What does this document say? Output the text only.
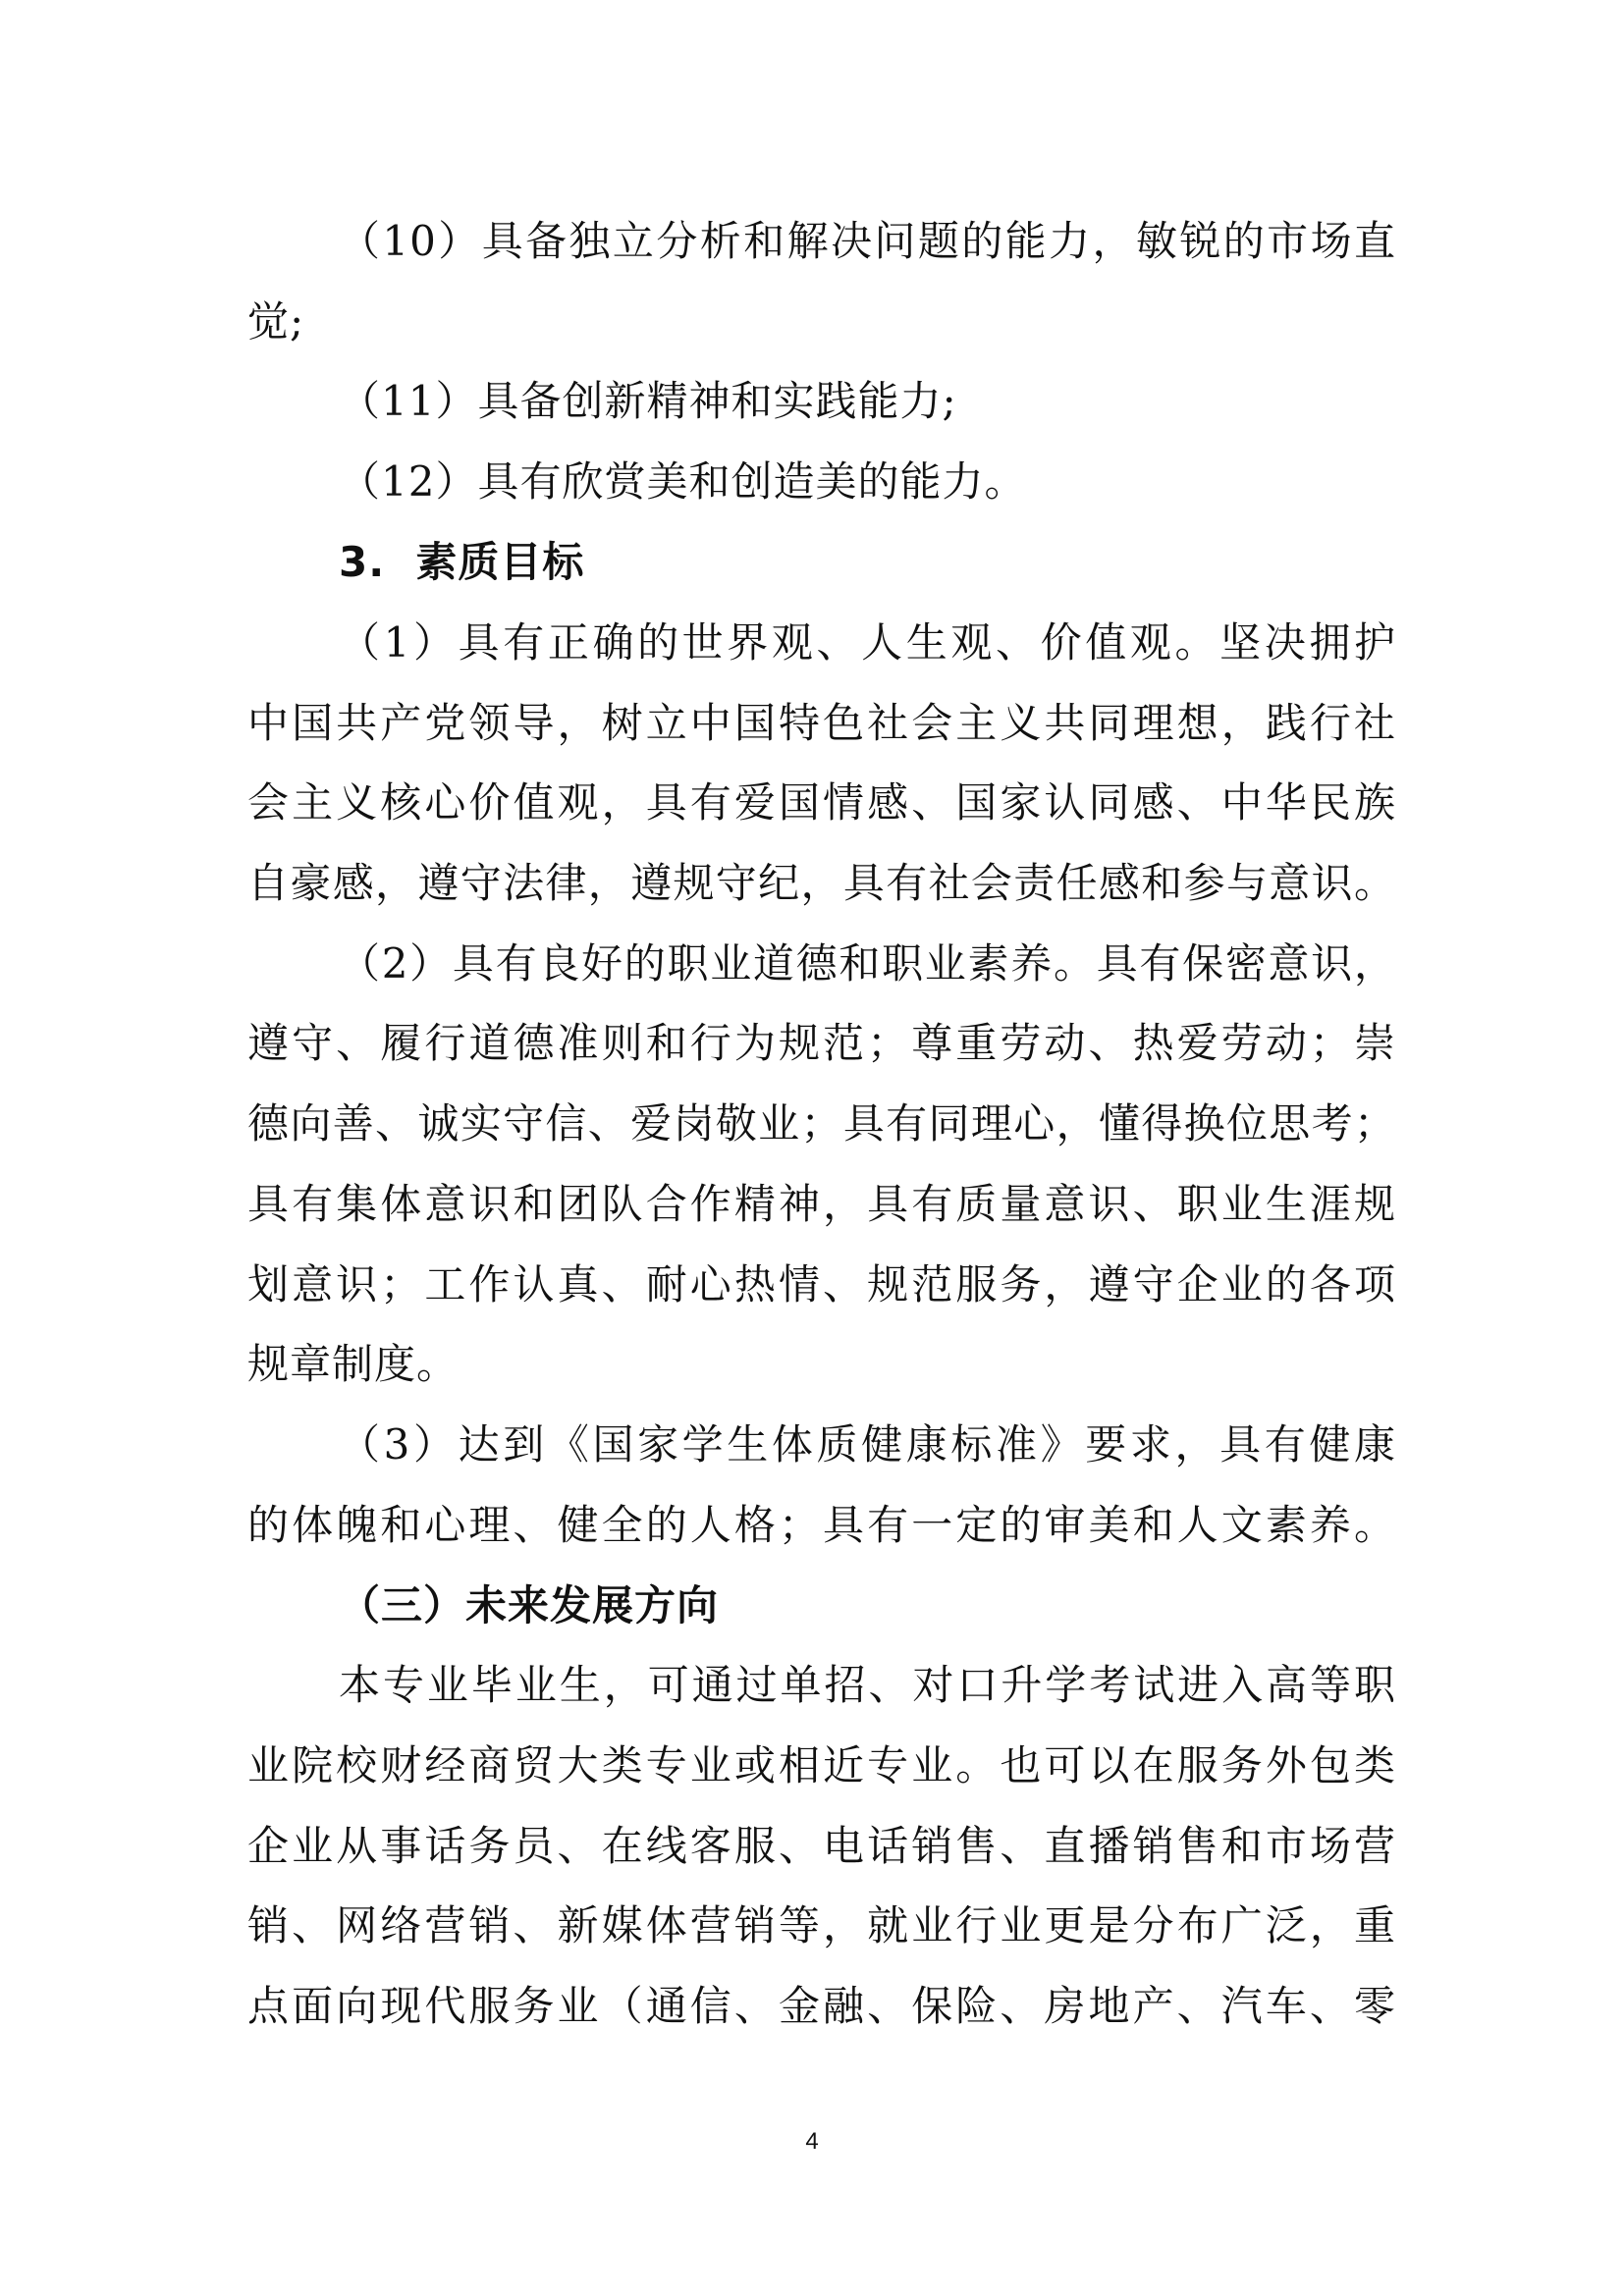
（10）具备独立分析和解决问题的能力，敏锐的市场直
觉;
（11）具备创新精神和实践能力;
（12）具有欣赏美和创造美的能力。
3.  素质目标
（1）具有正确的世界观、人生观、价值观。坚决拥护
中国共产党领导，树立中国特色社会主义共同理想，践行社
会主义核心价值观，具有爱国情感、国家认同感、中华民族
自豪感，遵守法律，遵规守纪，具有社会责任感和参与意识。
（2）具有良好的职业道德和职业素养。具有保密意识，
遵守、履行道德准则和行为规范；尊重劳动、热爱劳动；崇
德向善、诚实守信、爱岗敬业；具有同理心，懂得换位思考；
具有集体意识和团队合作精神，具有质量意识、职业生涯规
划意识；工作认真、耐心热情、规范服务，遵守企业的各项
规章制度。
（3）达到《国家学生体质健康标准》要求，具有健康
的体魄和心理、健全的人格；具有一定的审美和人文素养。
（三）未来发展方向
本专业毕业生，可通过单招、对口升学考试进入高等职
业院校财经商贸大类专业或相近专业。也可以在服务外包类
企业从事话务员、在线客服、电话销售、直播销售和市场营
销、网络营销、新媒体营销等，就业行业更是分布广泛，重
点面向现代服务业（通信、金融、保险、房地产、汽车、零
4
